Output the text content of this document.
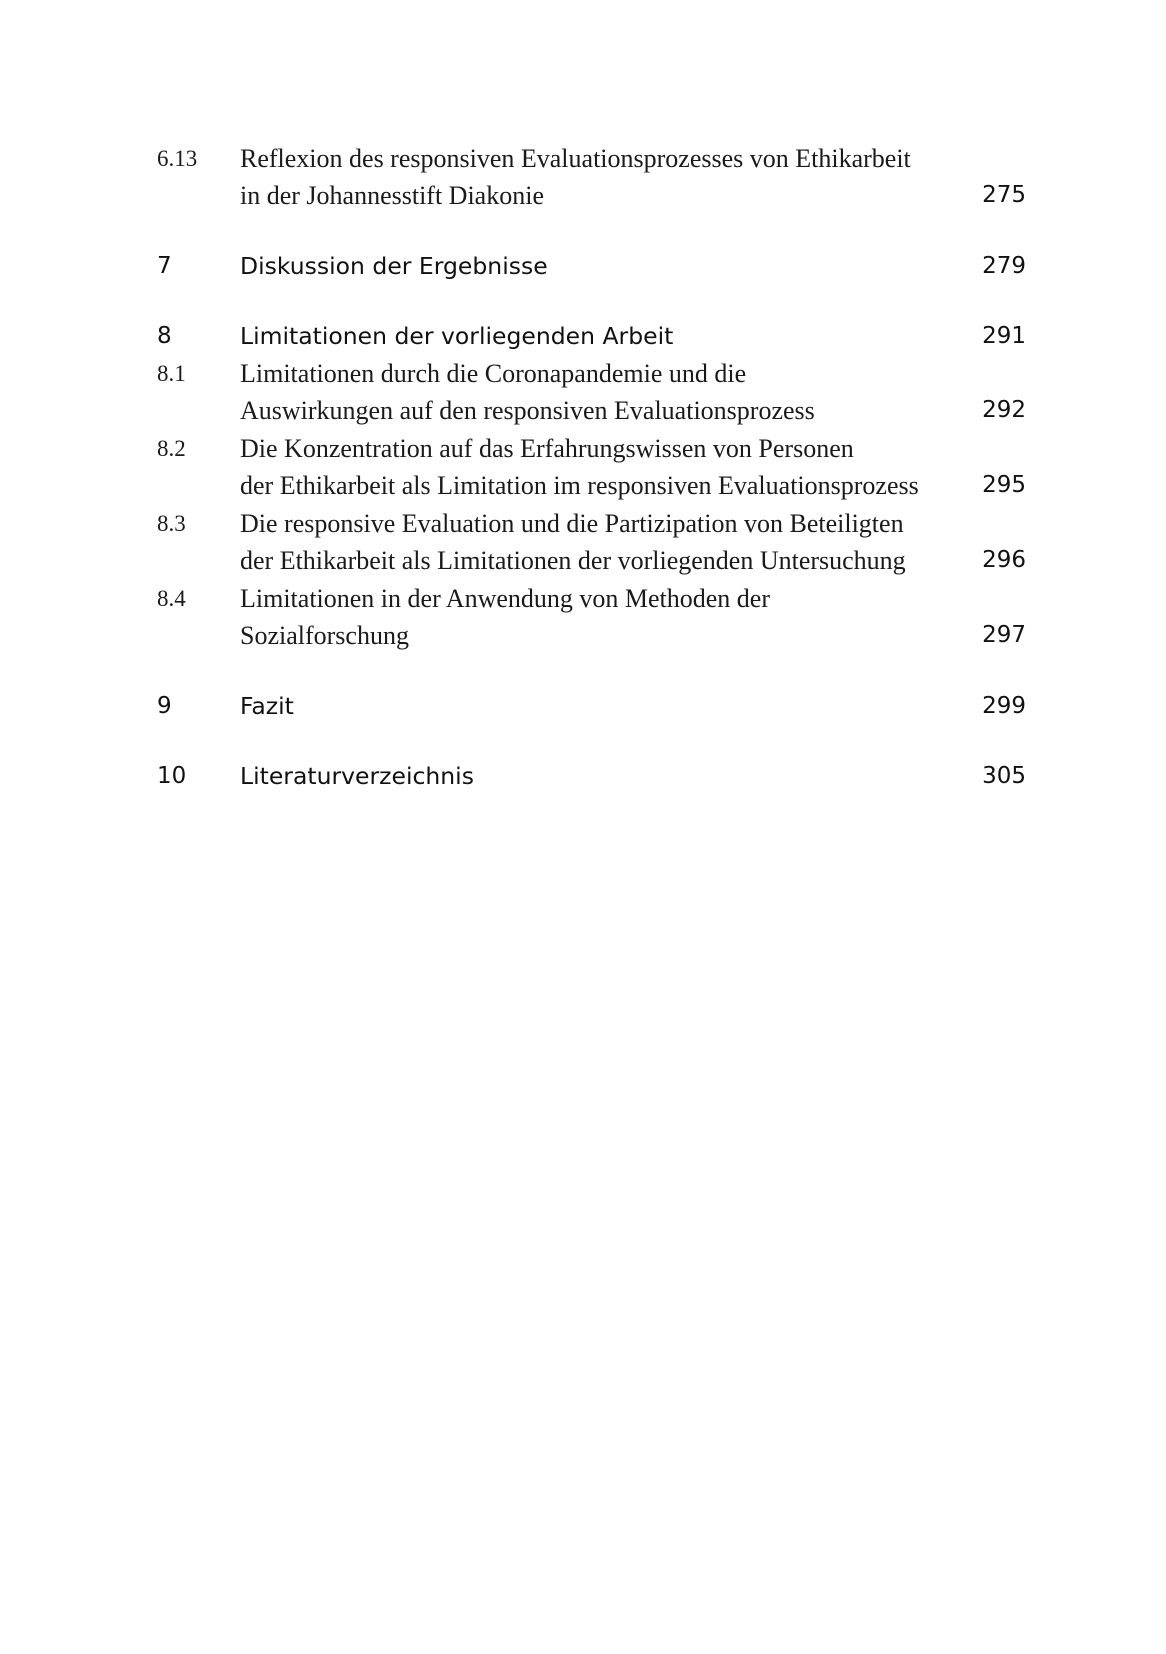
6.13 Reflexion des responsiven Evaluationsprozesses von Ethikarbeit
in der Johannesstift Diakonie	275
7	Diskussion der Ergebnisse	279
8	Limitationen der vorliegenden Arbeit	291
8.1 Limitationen durch die Coronapandemie und die
Auswirkungen auf den responsiven Evaluationsprozess	292
8.2 Die Konzentration auf das Erfahrungswissen von Personen
der Ethikarbeit als Limitation im responsiven Evaluationsprozess	295
8.3 Die responsive Evaluation und die Partizipation von Beteiligten
der Ethikarbeit als Limitationen der vorliegenden Untersuchung	296
8.4 Limitationen in der Anwendung von Methoden der
Sozialforschung	297
9	Fazit	299
10 Literaturverzeichnis	305
